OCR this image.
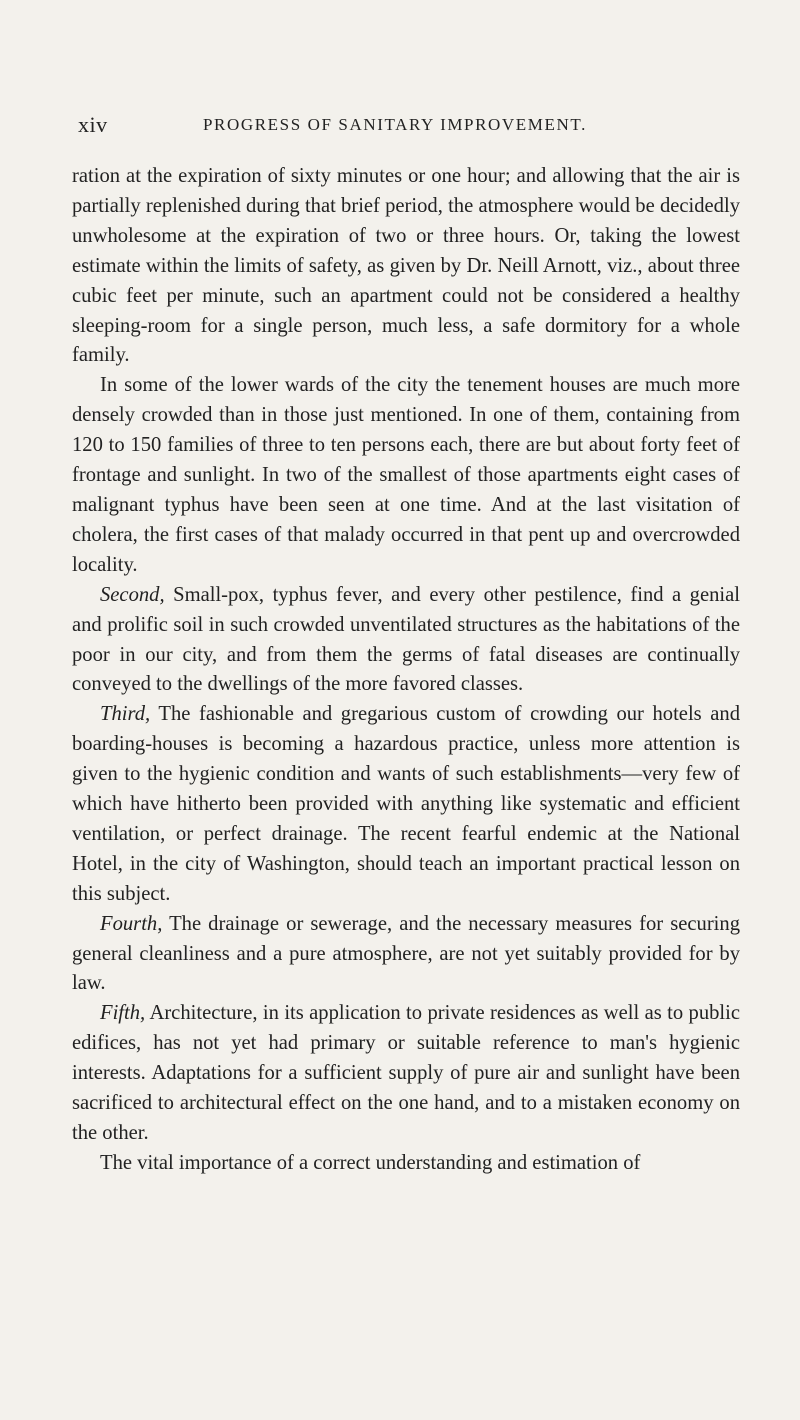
xiv	PROGRESS OF SANITARY IMPROVEMENT.

ration at the expiration of sixty minutes or one hour; and allowing that the air is partially replenished during that brief period, the atmosphere would be decidedly unwholesome at the expiration of two or three hours. Or, taking the lowest estimate within the limits of safety, as given by Dr. Neill Arnott, viz., about three cubic feet per minute, such an apartment could not be considered a healthy sleeping-room for a single person, much less, a safe dormitory for a whole family.

In some of the lower wards of the city the tenement houses are much more densely crowded than in those just mentioned. In one of them, containing from 120 to 150 families of three to ten persons each, there are but about forty feet of frontage and sunlight. In two of the smallest of those apartments eight cases of malignant typhus have been seen at one time. And at the last visitation of cholera, the first cases of that malady occurred in that pent up and overcrowded locality.

Second, Small-pox, typhus fever, and every other pestilence, find a genial and prolific soil in such crowded unventilated structures as the habitations of the poor in our city, and from them the germs of fatal diseases are continually conveyed to the dwellings of the more favored classes.

Third, The fashionable and gregarious custom of crowding our hotels and boarding-houses is becoming a hazardous practice, unless more attention is given to the hygienic condition and wants of such establishments—very few of which have hitherto been provided with anything like systematic and efficient ventilation, or perfect drainage. The recent fearful endemic at the National Hotel, in the city of Washington, should teach an important practical lesson on this subject.

Fourth, The drainage or sewerage, and the necessary measures for securing general cleanliness and a pure atmosphere, are not yet suitably provided for by law.

Fifth, Architecture, in its application to private residences as well as to public edifices, has not yet had primary or suitable reference to man's hygienic interests. Adaptations for a sufficient supply of pure air and sunlight have been sacrificed to architectural effect on the one hand, and to a mistaken economy on the other.

The vital importance of a correct understanding and estimation of
